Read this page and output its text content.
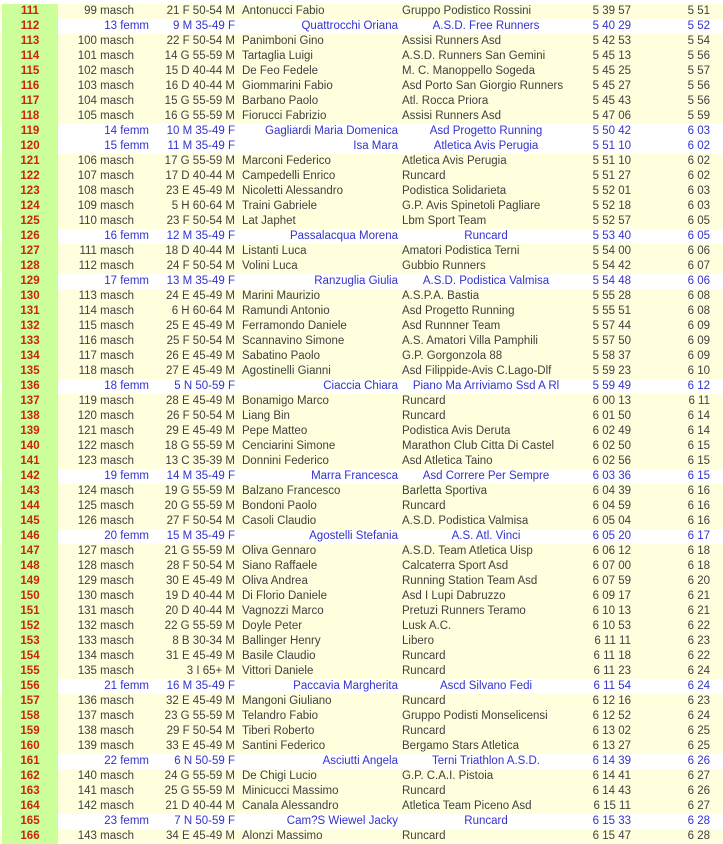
111	99 masch	21 F 50-54 M Antonucci Fabio	Gruppo Podistico Rossini	5 39 57	5 51
112	13 femm	9 M 35-49 F	Quattrocchi Oriana	A.S.D. Free Runners	5 40 29	5 52
113	100 masch	22 F 50-54 M Panimboni Gino	Assisi Runners Asd	5 42 53	5 54
114	101 masch	14 G 55-59 M Tartaglia Luigi	A.S.D. Runners San Gemini	5 45 13	5 56
115	102 masch	15 D 40-44 M De Feo Fedele	M. C. Manoppello Sogeda	5 45 25	5 57
116	103 masch	16 D 40-44 M Giommarini Fabio	Asd Porto San Giorgio Runners	5 45 27	5 56
117	104 masch	15 G 55-59 M Barbano Paolo	Atl. Rocca Priora	5 45 43	5 56
118	105 masch	16 G 55-59 M Fiorucci Fabrizio	Assisi Runners Asd	5 47 06	5 59
119	14 femm	10 M 35-49 F	Gagliardi Maria Domenica	Asd Progetto Running	5 50 42	6 03
120	15 femm	11 M 35-49 F	Isa Mara	Atletica Avis Perugia	5 51 10	6 02
121	106 masch	17 G 55-59 M Marconi Federico	Atletica Avis Perugia	5 51 10	6 02
122	107 masch	17 D 40-44 M Campedelli Enrico	Runcard	5 51 27	6 02
123	108 masch	23 E 45-49 M Nicoletti Alessandro	Podistica Solidarieta	5 52 01	6 03
124	109 masch	5 H 60-64 M Traini Gabriele	G.P. Avis Spinetoli Pagliare	5 52 18	6 03
125	110 masch	23 F 50-54 M Lat Japhet	Lbm Sport Team	5 52 57	6 05
126	16 femm	12 M 35-49 F	Passalacqua Morena	Runcard	5 53 40	6 05
127	111 masch	18 D 40-44 M Listanti Luca	Amatori Podistica Terni	5 54 00	6 06
128	112 masch	24 F 50-54 M Volini Luca	Gubbio Runners	5 54 42	6 07
129	17 femm	13 M 35-49 F	Ranzuglia Giulia	A.S.D. Podistica Valmisa	5 54 48	6 06
130	113 masch	24 E 45-49 M Marini Maurizio	A.S.P.A. Bastia	5 55 28	6 08
131	114 masch	6 H 60-64 M Ramundi Antonio	Asd Progetto Running	5 55 51	6 08
132	115 masch	25 E 45-49 M Ferramondo Daniele	Asd Runnner Team	5 57 44	6 09
133	116 masch	25 F 50-54 M Scannavino Simone	A.S. Amatori Villa Pamphili	5 57 50	6 09
134	117 masch	26 E 45-49 M Sabatino Paolo	G.P. Gorgonzola 88	5 58 37	6 09
135	118 masch	27 E 45-49 M Agostinelli Gianni	Asd Filippide-Avis C.Lago-Dlf	5 59 23	6 10
136	18 femm	5 N 50-59 F	Ciaccia Chiara	Piano Ma Arriviamo Ssd A Rl	5 59 49	6 12
137	119 masch	28 E 45-49 M Bonamigo Marco	Runcard	6 00 13	6 11
138	120 masch	26 F 50-54 M Liang Bin	Runcard	6 01 50	6 14
139	121 masch	29 E 45-49 M Pepe Matteo	Podistica Avis Deruta	6 02 49	6 14
140	122 masch	18 G 55-59 M Cenciarini Simone	Marathon Club Citta Di Castel	6 02 50	6 15
141	123 masch	13 C 35-39 M Donnini Federico	Asd Atletica Taino	6 02 56	6 15
142	19 femm	14 M 35-49 F	Marra Francesca	Asd Correre Per Sempre	6 03 36	6 15
143	124 masch	19 G 55-59 M Balzano Francesco	Barletta Sportiva	6 04 39	6 16
144	125 masch	20 G 55-59 M Bondoni Paolo	Runcard	6 04 59	6 16
145	126 masch	27 F 50-54 M Casoli Claudio	A.S.D. Podistica Valmisa	6 05 04	6 16
146	20 femm	15 M 35-49 F	Agostelli Stefania	A.S. Atl. Vinci	6 05 20	6 17
147	127 masch	21 G 55-59 M Oliva Gennaro	A.S.D. Team Atletica Uisp	6 06 12	6 18
148	128 masch	28 F 50-54 M Siano Raffaele	Calcaterra Sport Asd	6 07 00	6 18
149	129 masch	30 E 45-49 M Oliva Andrea	Running Station Team Asd	6 07 59	6 20
150	130 masch	19 D 40-44 M Di Florio Daniele	Asd I Lupi Dabruzzo	6 09 17	6 21
151	131 masch	20 D 40-44 M Vagnozzi Marco	Pretuzi Runners Teramo	6 10 13	6 21
152	132 masch	22 G 55-59 M Doyle Peter	Lusk A.C.	6 10 53	6 22
153	133 masch	8 B 30-34 M Ballinger Henry	Libero	6 11 11	6 23
154	134 masch	31 E 45-49 M Basile Claudio	Runcard	6 11 18	6 22
155	135 masch	3 I 65+ M Vittori Daniele	Runcard	6 11 23	6 24
156	21 femm	16 M 35-49 F	Paccavia Margherita	Ascd Silvano Fedi	6 11 54	6 24
157	136 masch	32 E 45-49 M Mangoni Giuliano	Runcard	6 12 16	6 23
158	137 masch	23 G 55-59 M Telandro Fabio	Gruppo Podisti Monselicensi	6 12 52	6 24
159	138 masch	29 F 50-54 M Tiberi Roberto	Runcard	6 13 02	6 25
160	139 masch	33 E 45-49 M Santini Federico	Bergamo Stars Atletica	6 13 27	6 25
161	22 femm	6 N 50-59 F	Asciutti Angela	Terni Triathlon A.S.D.	6 14 39	6 26
162	140 masch	24 G 55-59 M De Chigi Lucio	G.P. C.A.I. Pistoia	6 14 41	6 27
163	141 masch	25 G 55-59 M Minicucci Massimo	Runcard	6 14 43	6 26
164	142 masch	21 D 40-44 M Canala Alessandro	Atletica Team Piceno Asd	6 15 11	6 27
165	23 femm	7 N 50-59 F	Cam?S Wiewel Jacky	Runcard	6 15 33	6 28
166	143 masch	34 E 45-49 M Alonzi Massimo	Runcard	6 15 47	6 28
